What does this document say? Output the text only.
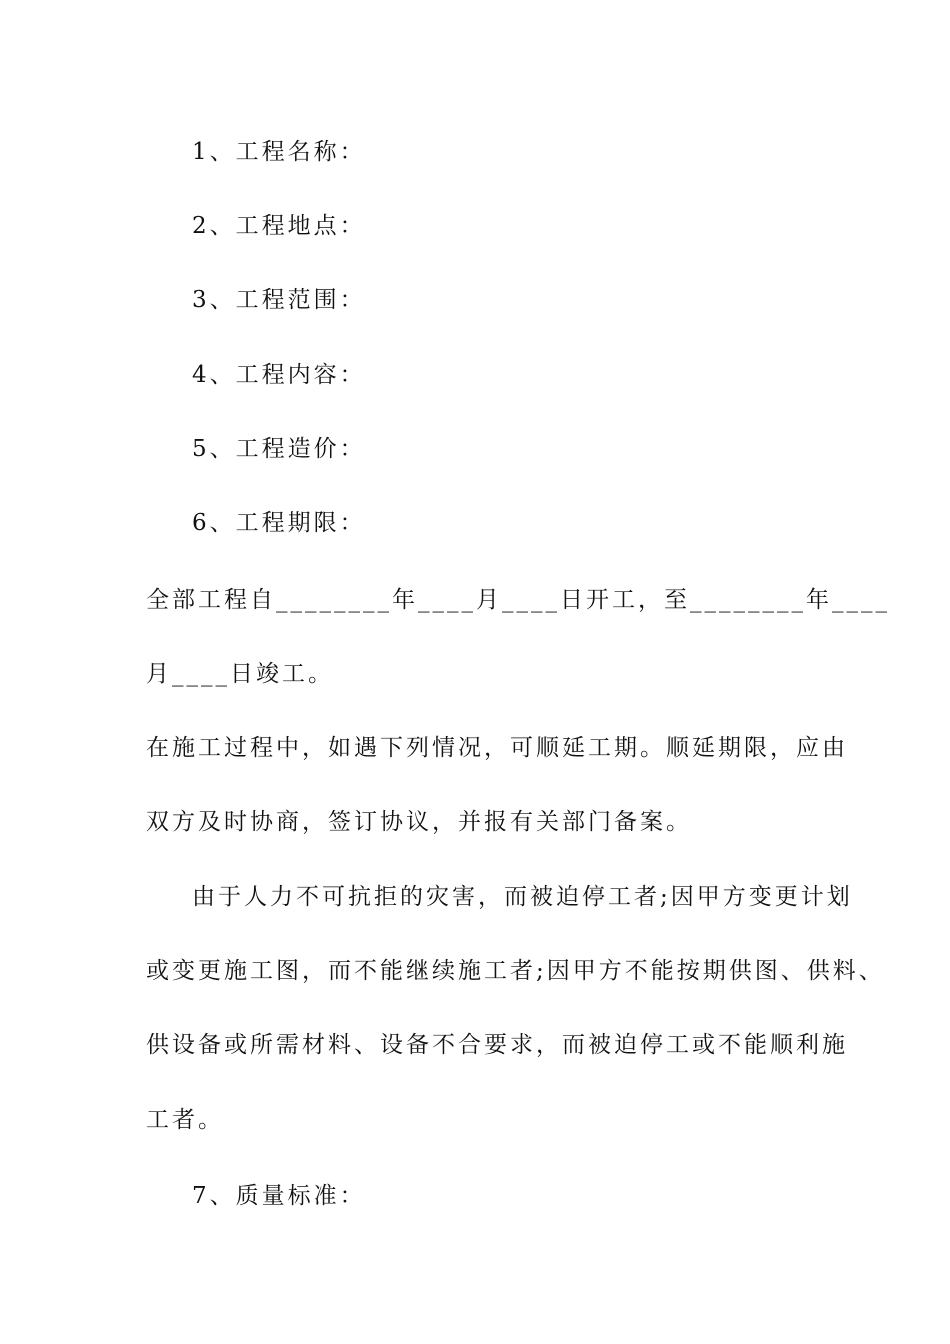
1、工程名称：

2、工程地点：

3、工程范围：

4、工程内容：

5、工程造价：

6、工程期限：

全部工程自________年____月____日开工，至________年____

月____日竣工。

在施工过程中，如遇下列情况，可顺延工期。顺延期限，应由

双方及时协商，签订协议，并报有关部门备案。

由于人力不可抗拒的灾害，而被迫停工者;因甲方变更计划

或变更施工图，而不能继续施工者;因甲方不能按期供图、供料、

供设备或所需材料、设备不合要求，而被迫停工或不能顺利施

工者。

7、质量标准：
